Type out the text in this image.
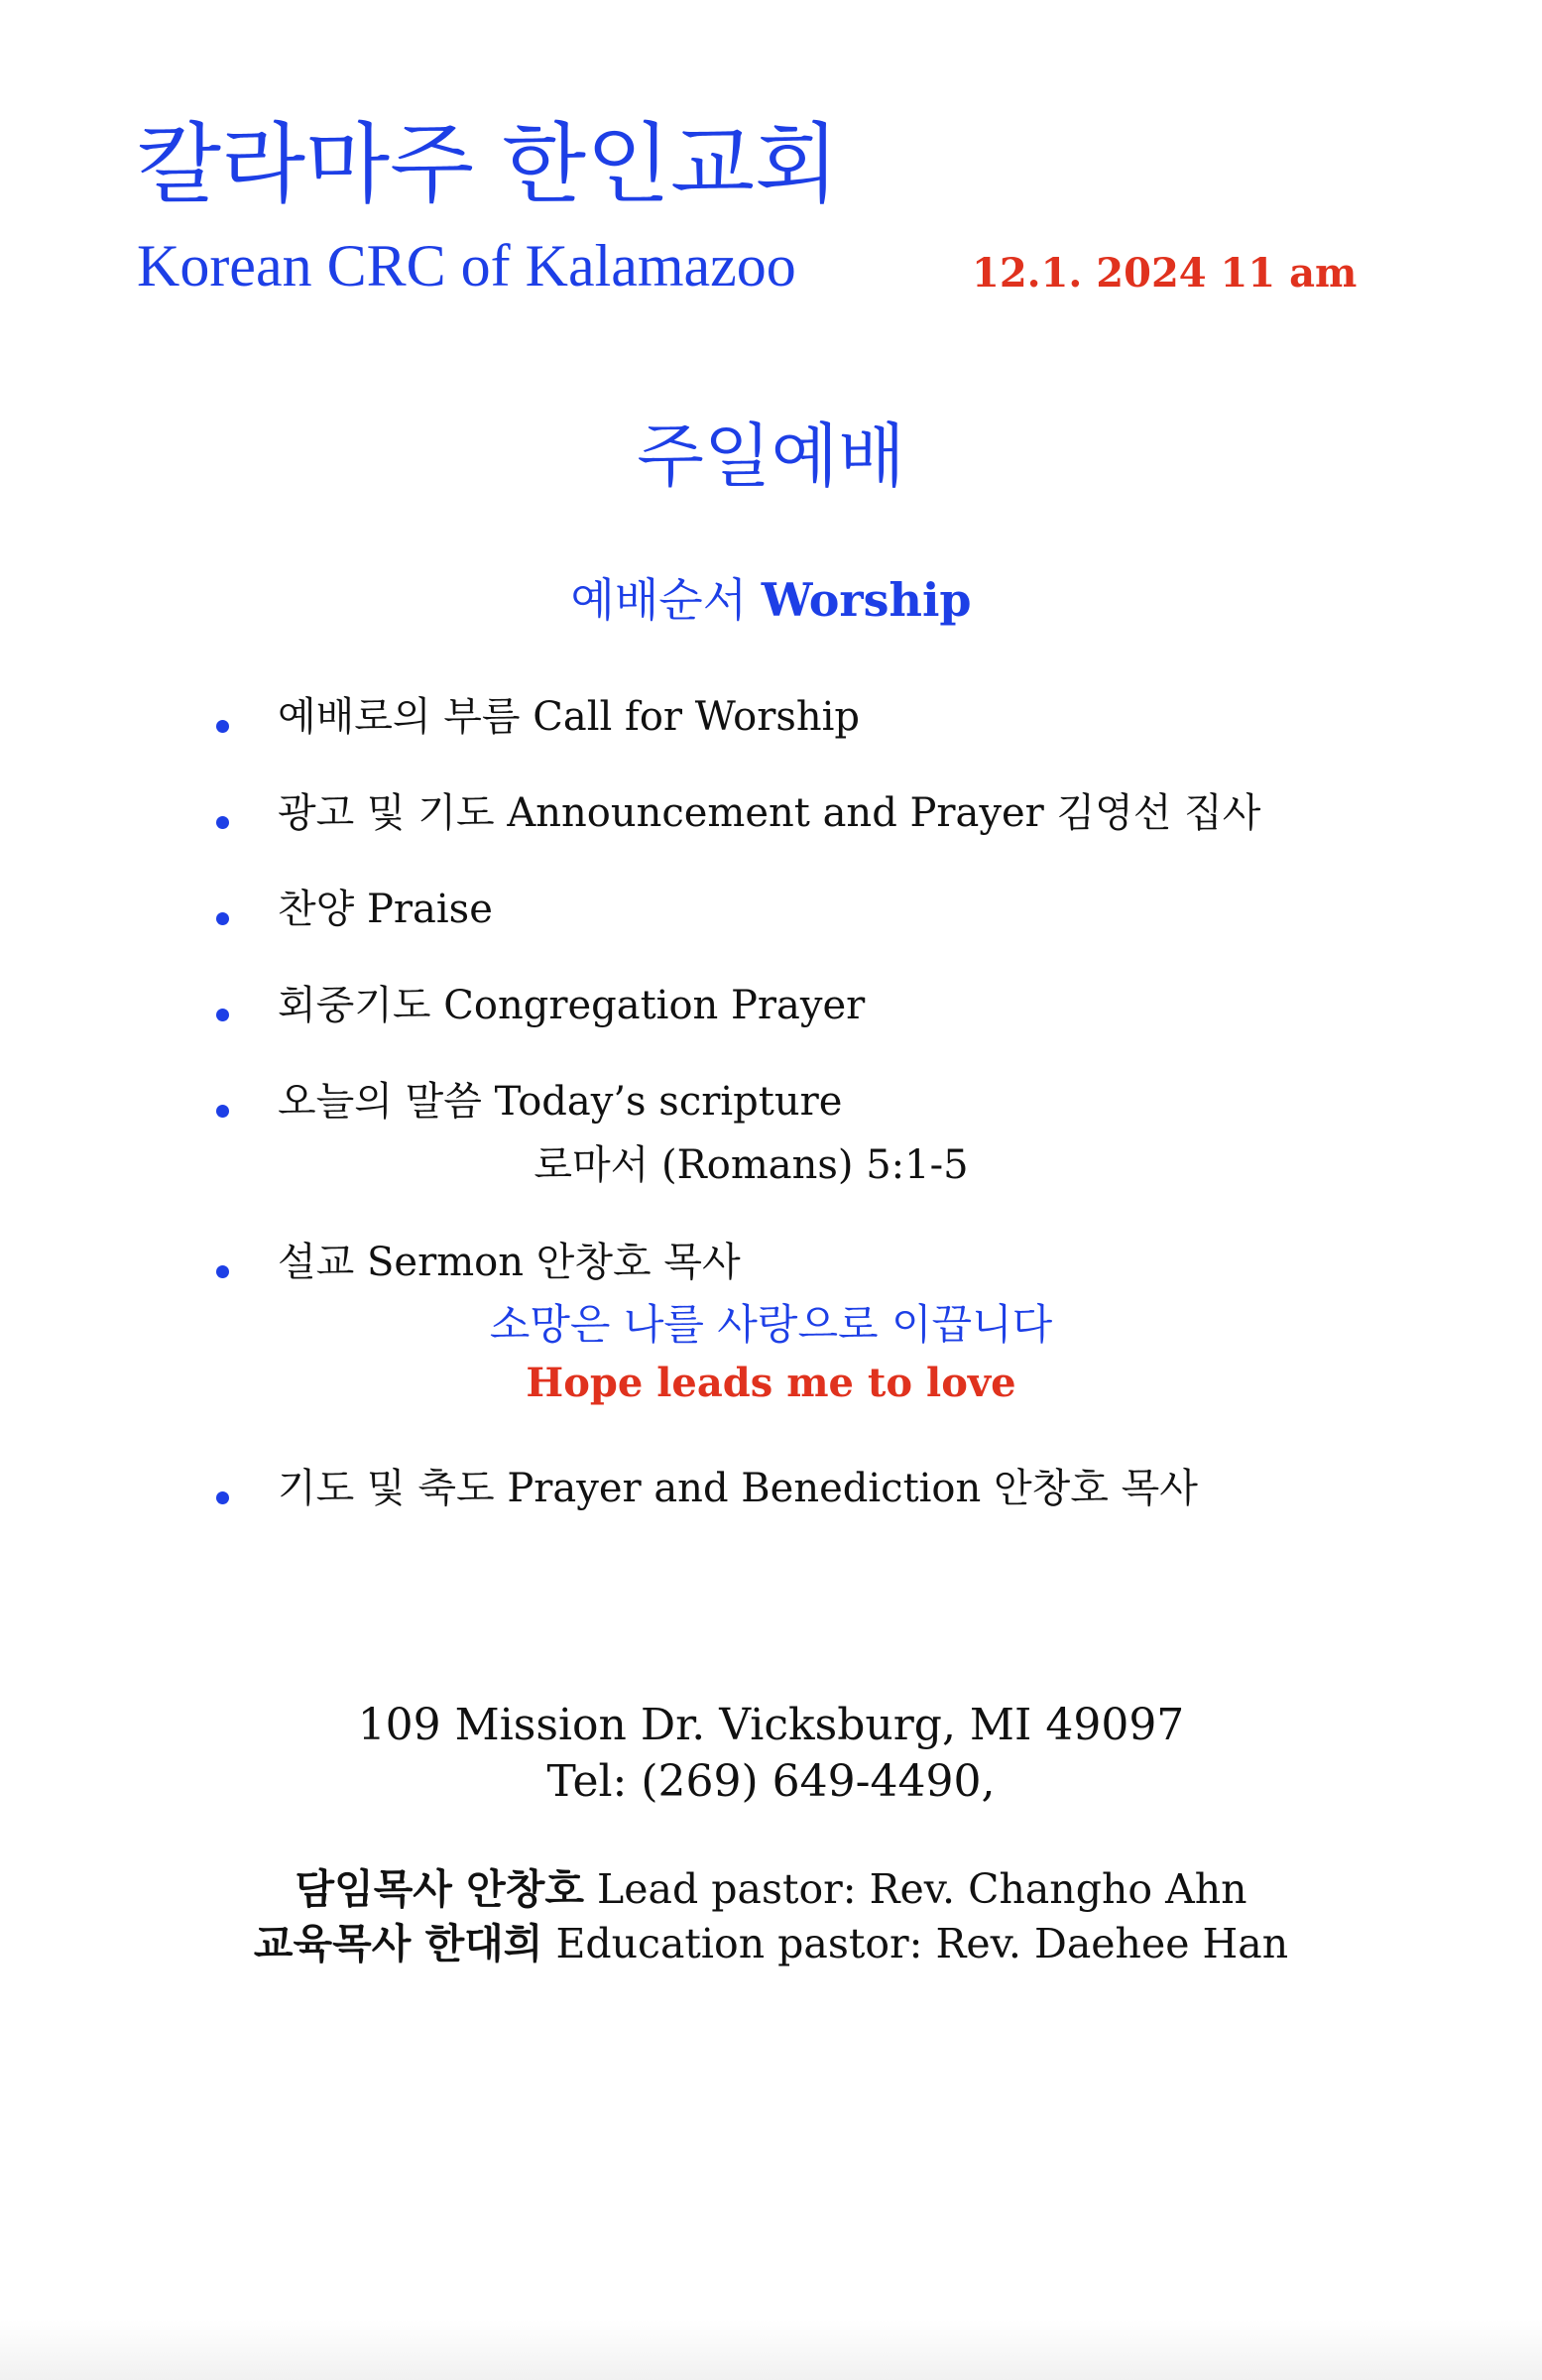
칼라마주 한인교회
Korean CRC of Kalamazoo	12.1. 2024 11 am
주일예배
예배순서 Worship
예배로의 부름 Call for Worship
광고 및 기도 Announcement and Prayer 김영선 집사
찬양 Praise
회중기도 Congregation Prayer
오늘의 말씀 Today’s scripture
로마서 (Romans) 5:1-5
설교 Sermon 안창호 목사
소망은 나를 사랑으로 이끕니다
Hope leads me to love
기도 및 축도 Prayer and Benediction 안창호 목사
109 Mission Dr. Vicksburg, MI 49097
Tel: (269) 649-4490,
담임목사 안창호 Lead pastor: Rev. Changho Ahn
교육목사 한대희 Education pastor: Rev. Daehee Han
